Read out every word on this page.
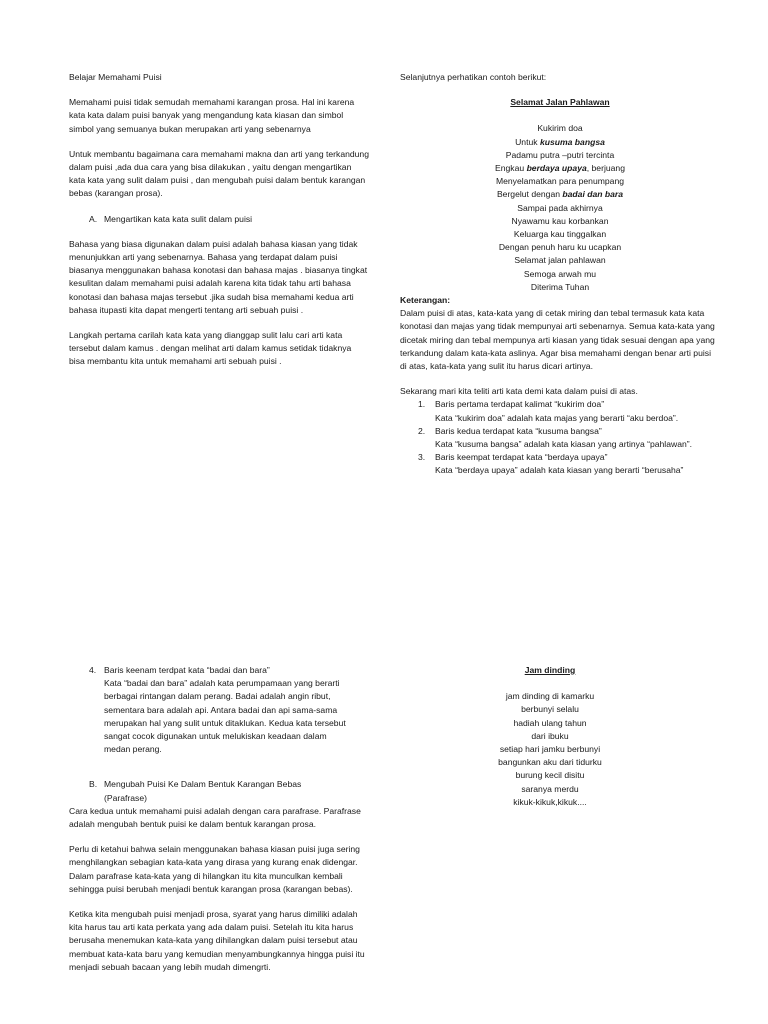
Belajar Memahami Puisi

Memahami puisi tidak semudah memahami karangan prosa. Hal ini karena kata kata dalam puisi banyak yang mengandung kata kiasan dan simbol simbol yang semuanya bukan merupakan arti yang sebenarnya

Untuk membantu bagaimana cara memahami makna dan arti yang terkandung dalam puisi ,ada dua cara yang bisa dilakukan , yaitu dengan mengartikan kata kata yang sulit dalam puisi , dan mengubah puisi dalam bentuk karangan bebas (karangan prosa).

A. Mengartikan kata kata sulit dalam puisi

Bahasa yang biasa digunakan dalam puisi adalah bahasa kiasan yang tidak menunjukkan arti yang sebenarnya. Bahasa yang terdapat dalam puisi biasanya menggunakan bahasa konotasi dan bahasa majas . biasanya tingkat kesulitan dalam memahami puisi adalah karena kita tidak tahu arti bahasa konotasi dan bahasa majas tersebut .jika sudah bisa memahami kedua arti bahasa itupasti kita dapat mengerti tentang arti sebuah puisi .

Langkah pertama carilah kata kata yang dianggap sulit lalu cari arti kata tersebut dalam kamus . dengan melihat arti dalam kamus setidak tidaknya bisa membantu kita untuk memahami arti sebuah puisi .

Selanjutnya perhatikan contoh berikut:

Selamat Jalan Pahlawan
Kukirim doa
Untuk kusuma bangsa
Padamu putra –putri tercinta
Engkau berdaya upaya, berjuang
Menyelamatkan para penumpang
Bergelut dengan badai dan bara
Sampai pada akhirnya
Nyawamu kau korbankan
Keluarga kau tinggalkan
Dengan penuh haru ku ucapkan
Selamat jalan pahlawan
Semoga arwah mu
Diterima Tuhan

Keterangan:

Dalam puisi di atas, kata-kata yang di cetak miring dan tebal termasuk kata kata konotasi dan majas yang tidak mempunyai arti sebenarnya. Semua kata-kata yang dicetak miring dan tebal mempunya arti kiasan yang tidak sesuai dengan apa yang terkandung dalam kata-kata aslinya. Agar bisa memahami dengan benar arti puisi di atas, kata-kata yang sulit itu harus dicari artinya.

Sekarang mari kita teliti arti kata demi kata dalam puisi di atas.

1. Baris pertama terdapat kalimat “kukirim doa”
Kata “kukirim doa” adalah kata majas yang berarti “aku berdoa”.
2. Baris kedua terdapat kata “kusuma bangsa”
Kata “kusuma bangsa” adalah kata kiasan yang artinya “pahlawan”.
3. Baris keempat terdapat kata “berdaya upaya”
Kata “berdaya upaya” adalah kata kiasan yang berarti “berusaha”
4. Baris keenam terdpat kata “badai dan bara”
Kata “badai dan bara” adalah kata perumpamaan yang berarti berbagai rintangan dalam perang. Badai adalah angin ribut, sementara bara adalah api. Antara badai dan api sama-sama merupakan hal yang sulit untuk ditaklukan. Kedua kata tersebut sangat cocok digunakan untuk melukiskan keadaan dalam medan perang.
B. Mengubah Puisi Ke Dalam Bentuk Karangan Bebas (Parafrase)

Cara kedua untuk memahami puisi adalah dengan cara parafrase. Parafrase adalah mengubah bentuk puisi ke dalam bentuk karangan prosa.

Perlu di ketahui bahwa selain menggunakan bahasa kiasan puisi juga sering menghilangkan sebagian kata-kata yang dirasa yang kurang enak didengar. Dalam parafrase kata-kata yang di hilangkan itu kita munculkan kembali sehingga puisi berubah menjadi bentuk karangan prosa (karangan bebas).

Ketika kita mengubah puisi menjadi prosa, syarat yang harus dimiliki adalah kita harus tau arti kata perkata yang ada dalam puisi. Setelah itu kita harus berusaha menemukan kata-kata yang dihilangkan dalam puisi tersebut atau membuat kata-kata baru yang kemudian menyambungkannya hingga puisi itu menjadi sebuah bacaan yang lebih mudah dimengrti.

Jam dinding
jam dinding di kamarku
berbunyi selalu
hadiah ulang tahun
dari ibuku
setiap hari jamku berbunyi
bangunkan aku dari tidurku
burung kecil disitu
saranya merdu
kikuk-kikuk,kikuk....
